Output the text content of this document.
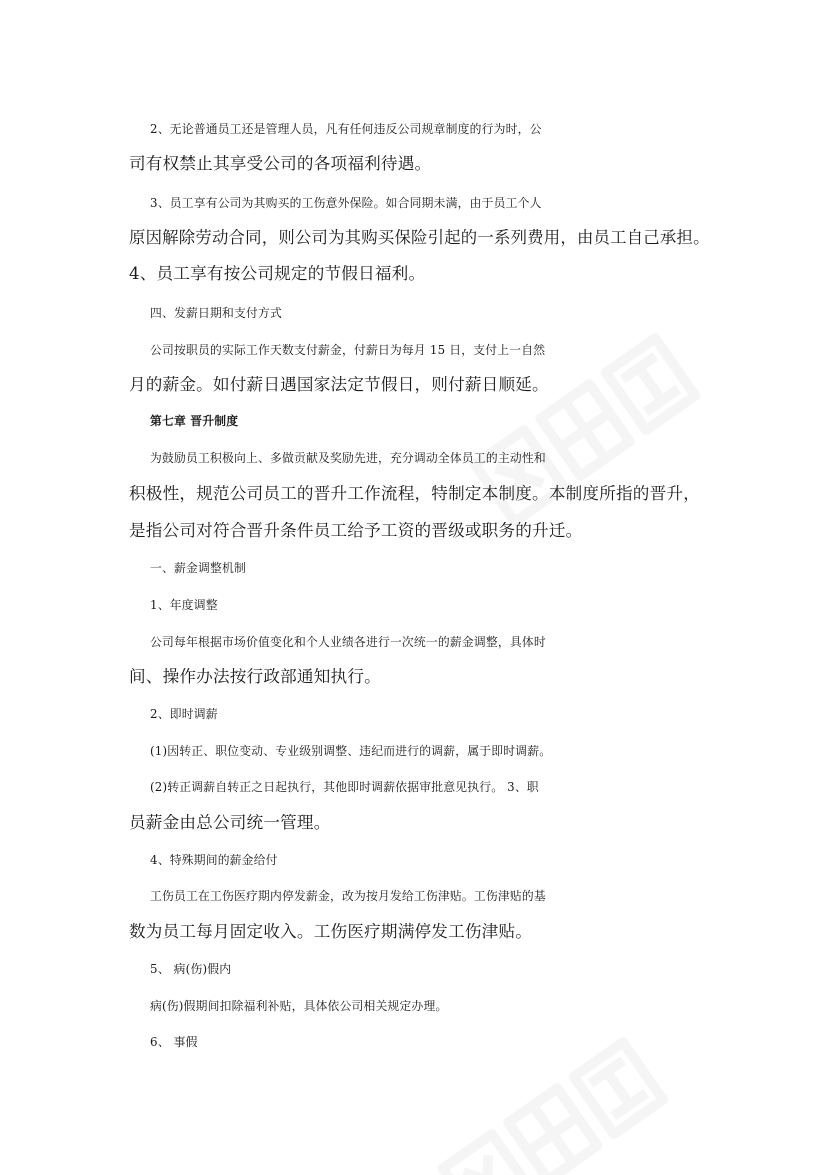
2、无论普通员工还是管理人员，凡有任何违反公司规章制度的行为时，公
司有权禁止其享受公司的各项福利待遇。
3、员工享有公司为其购买的工伤意外保险。如合同期未满，由于员工个人
原因解除劳动合同，则公司为其购买保险引起的一系列费用，由员工自己承担。
4、员工享有按公司规定的节假日福利。
四、发薪日期和支付方式
公司按职员的实际工作天数支付薪金，付薪日为每月 15 日，支付上一自然
月的薪金。如付薪日遇国家法定节假日，则付薪日顺延。
第七章 晋升制度
为鼓励员工积极向上、多做贡献及奖励先进，充分调动全体员工的主动性和
积极性，规范公司员工的晋升工作流程，特制定本制度。本制度所指的晋升，
是指公司对符合晋升条件员工给予工资的晋级或职务的升迁。
一、薪金调整机制
1、年度调整
公司每年根据市场价值变化和个人业绩各进行一次统一的薪金调整，具体时
间、操作办法按行政部通知执行。
2、即时调薪
(1)因转正、职位变动、专业级别调整、违纪而进行的调薪，属于即时调薪。
(2)转正调薪自转正之日起执行，其他即时调薪依据审批意见执行。 3、职
员薪金由总公司统一管理。
4、特殊期间的薪金给付
工伤员工在工伤医疗期内停发薪金，改为按月发给工伤津贴。工伤津贴的基
数为员工每月固定收入。工伤医疗期满停发工伤津贴。
5、 病(伤)假内
病(伤)假期间扣除福利补贴，具体依公司相关规定办理。
6、 事假
